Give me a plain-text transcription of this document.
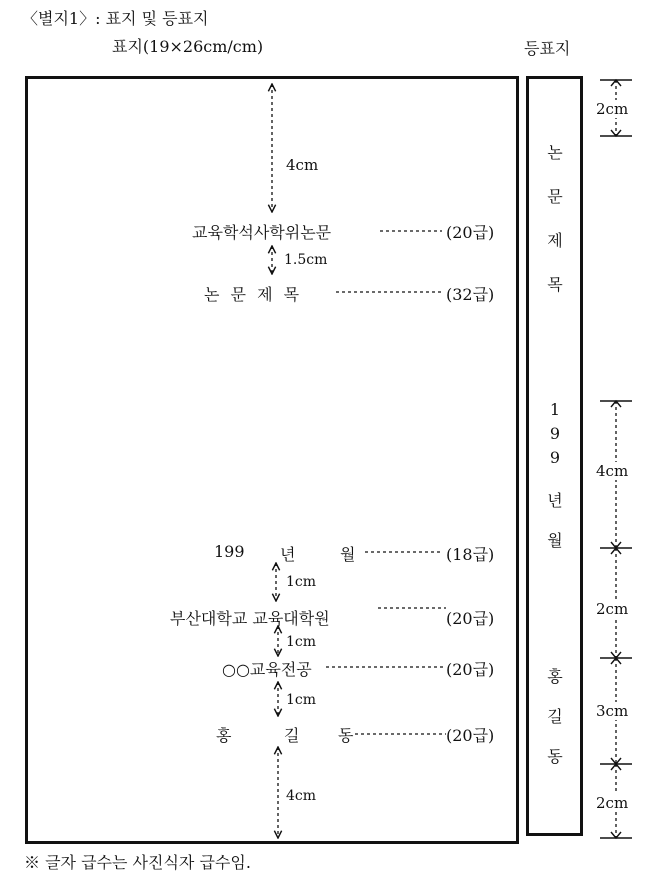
〈별지1〉: 표지 및 등표지
표지(19×26cm/cm)	등표지
4cm
교육학석사학위논문	(20급)
1.5cm
논 문 제 목	(32급)
199 년	월	(18급)
1cm
부산대학교 교육대학원	(20급)
1cm
○○교육전공	(20급)
1cm
홍	길 동	(20급)
4cm
논
문
제
목
1
9
9
년
월
홍
길
동
2cm
4cm
2cm
3cm
2cm
※ 글자 급수는 사진식자 급수임.
